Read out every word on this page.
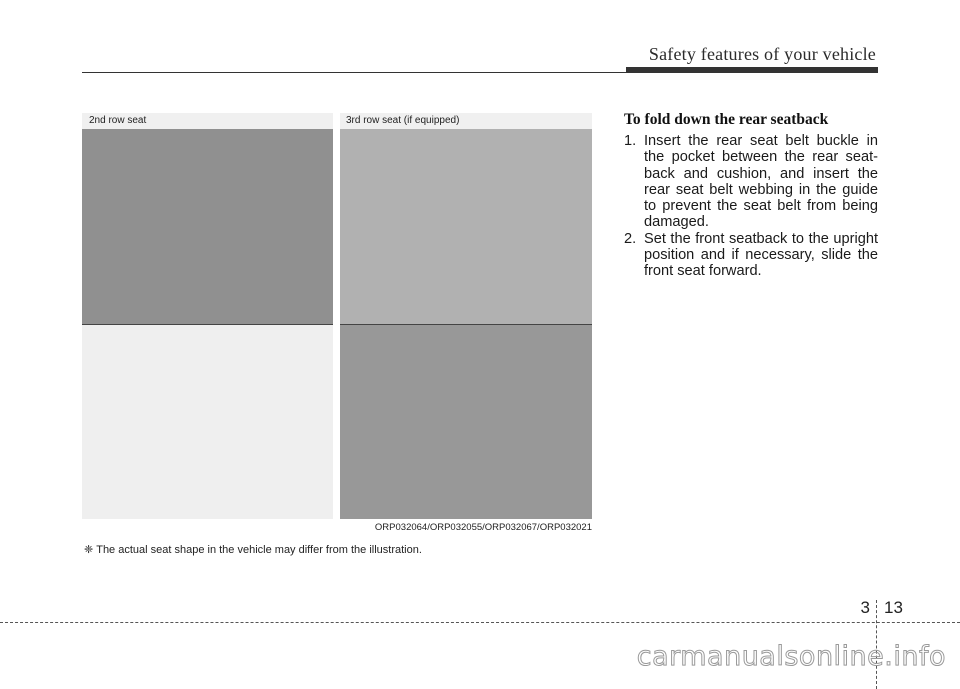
Safety features of your vehicle
2nd row seat	3rd row seat (if equipped)
ORP032064/ORP032055/ORP032067/ORP032021
❈ The actual seat shape in the vehicle may differ from the illustration.
To fold down the rear seatback
1. Insert the rear seat belt buckle in the pocket between the rear seat-back and cushion, and insert the rear seat belt webbing in the guide to prevent the seat belt from being damaged.
2. Set the front seatback to the upright position and if necessary, slide the front seat forward.
3 13
carmanualsonline.info
